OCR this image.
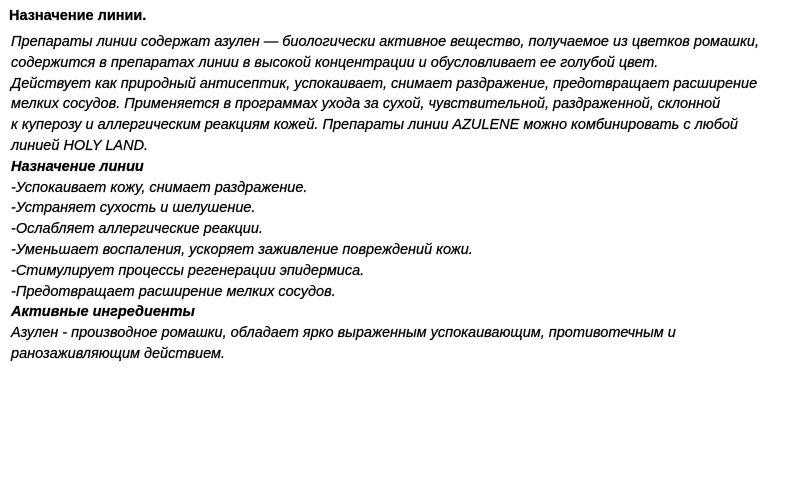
Назначение линии.

Препараты линии содержат азулен — биологически активное вещество, получаемое из цветков ромашки,

содержится в препаратах линии в высокой концентрации и обусловливает ее голубой цвет.

Действует как природный антисептик, успокаивает, снимает раздражение, предотвращает расширение

мелких сосудов. Применяется в программах ухода за сухой, чувствительной, раздраженной, склонной

к куперозу и аллергическим реакциям кожей. Препараты линии AZULENE можно комбинировать с любой

линией HOLY LAND.

Назначение линии

-Успокаивает кожу, снимает раздражение.

-Устраняет сухость и шелушение.

-Ослабляет аллергические реакции.

-Уменьшает воспаления, ускоряет заживление повреждений кожи.

-Стимулирует процессы регенерации эпидермиса.

-Предотвращает расширение мелких сосудов.

Активные ингредиенты

Азулен - производное ромашки, обладает ярко выраженным успокаивающим, противотечным и

ранозаживляющим действием.
